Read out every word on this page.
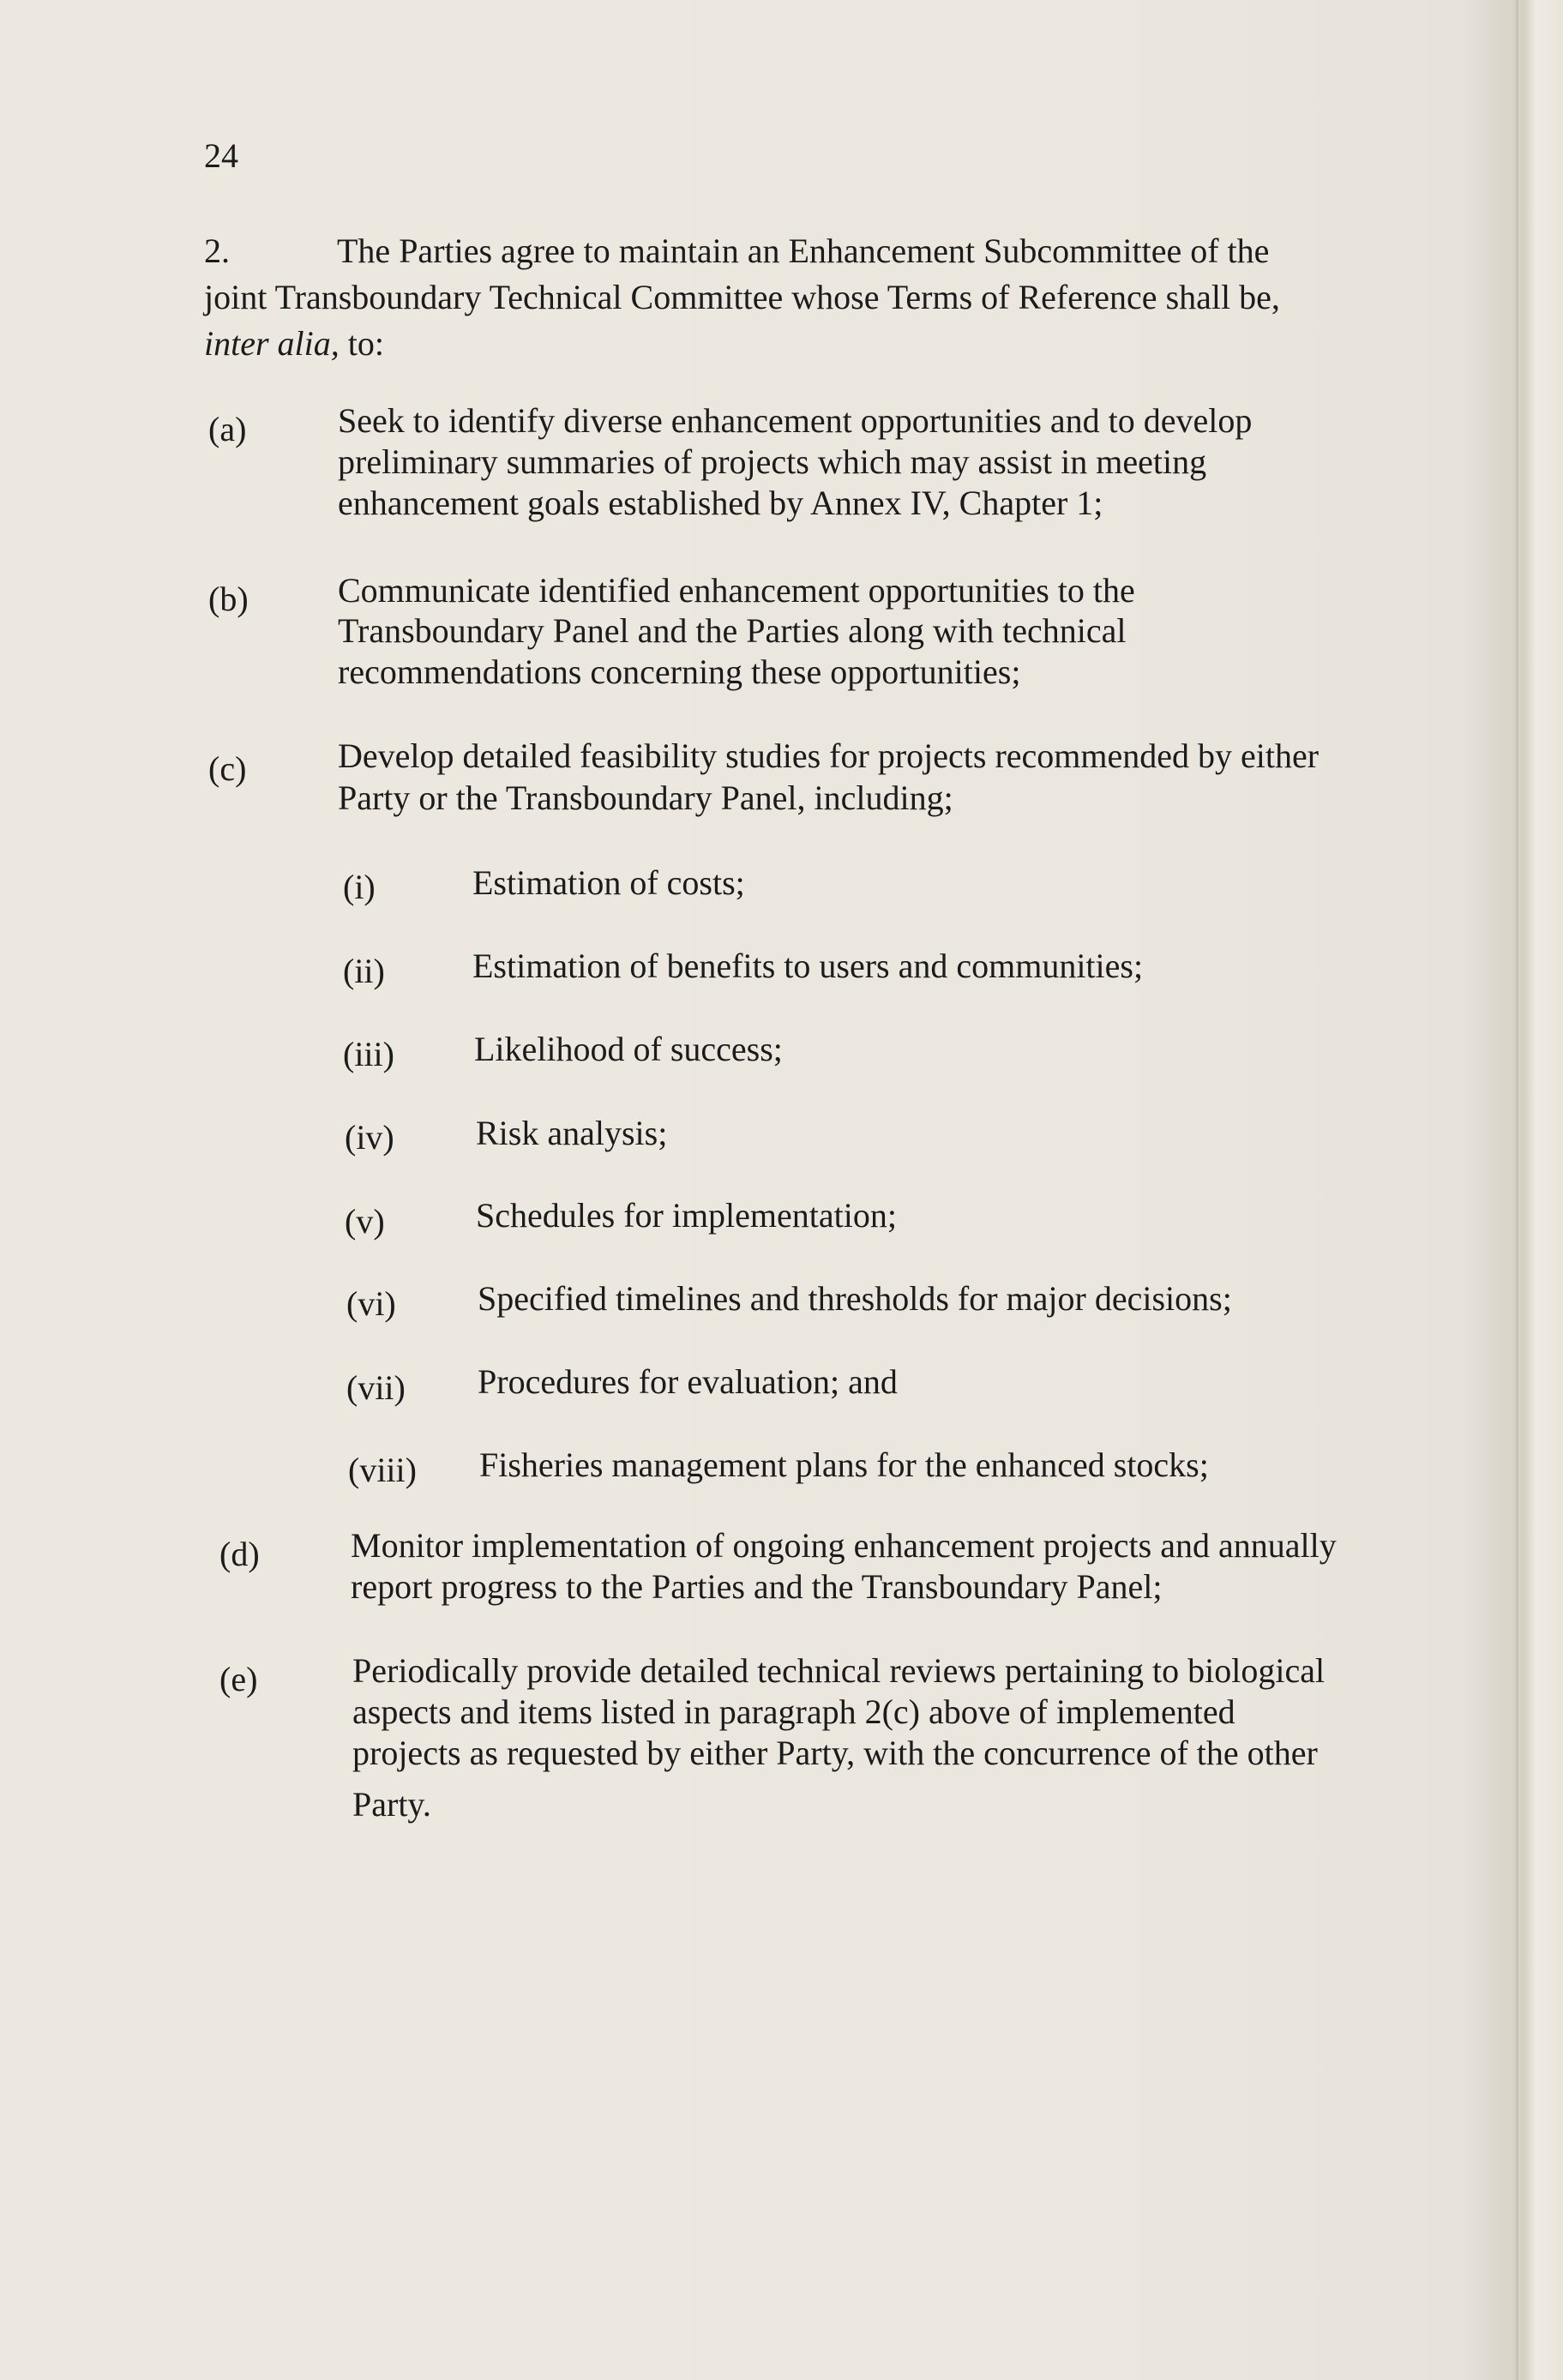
24
2.	The Parties agree to maintain an Enhancement Subcommittee of the
joint Transboundary Technical Committee whose Terms of Reference shall be,
inter alia, to:
(a)	Seek to identify diverse enhancement opportunities and to develop
preliminary summaries of projects which may assist in meeting
enhancement goals established by Annex IV, Chapter 1;
(b)	Communicate identified enhancement opportunities to the
Transboundary Panel and the Parties along with technical
recommendations concerning these opportunities;
(c)	Develop detailed feasibility studies for projects recommended by either
Party or the Transboundary Panel, including;
(i)	Estimation of costs;
(ii)	Estimation of benefits to users and communities;
(iii) Likelihood of success;
(iv) Risk analysis;
(v)	Schedules for implementation;
(vi) Specified timelines and thresholds for major decisions;
(vii) Procedures for evaluation; and
(viii) Fisheries management plans for the enhanced stocks;
(d)	Monitor implementation of ongoing enhancement projects and annually
report progress to the Parties and the Transboundary Panel;
(e)	Periodically provide detailed technical reviews pertaining to biological
aspects and items listed in paragraph 2(c) above of implemented
projects as requested by either Party, with the concurrence of the other
Party.
